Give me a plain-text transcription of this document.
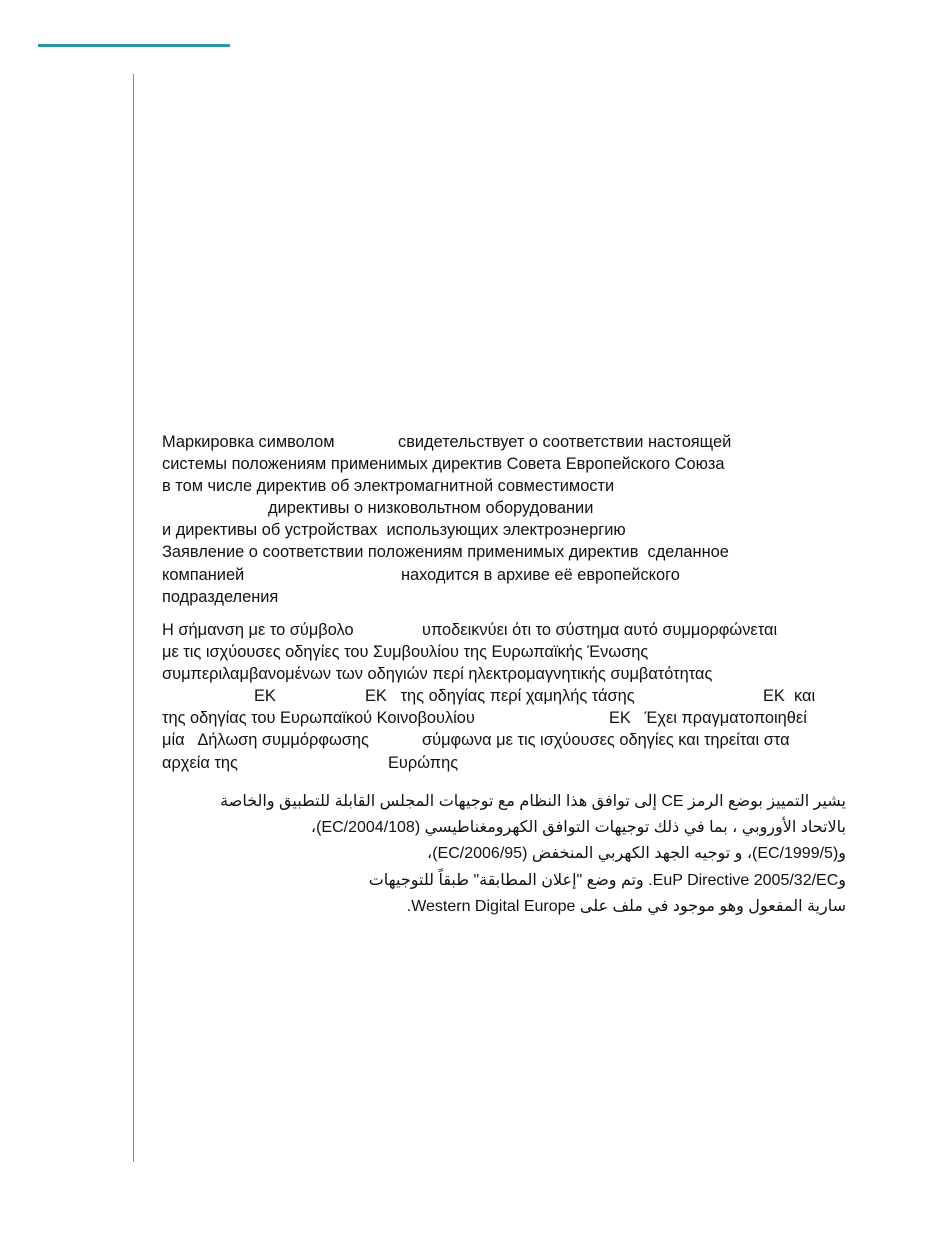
Маркировка символом

	свидетельствует о соответствии настоящей

системы положениям применимых директив Совета Европейского Союза

в том числе директив об электромагнитной совместимости

директивы о низковольтном оборудовании

и директивы об устройствах  использующих электроэнергию

Заявление о соответствии положениям применимых директив  сделанное

компанией

	находится в архиве её европейского

подразделения

Η σήμανση με το σύμβολο

	υποδεικνύει ότι το σύστημα αυτό συμμορφώνεται

με τις ισχύουσες οδηγίες του Συμβουλίου της Ευρωπαϊκής Ένωσης

συμπεριλαμβανομένων των οδηγιών περί ηλεκτρομαγνητικής συμβατότητας

ΕΚ

	ΕΚ   της οδηγίας περί χαμηλής τάσης

	ΕΚ  και

της οδηγίας του Ευρωπαϊκού Κοινοβουλίου

	ΕΚ   Έχει πραγματοποιηθεί

μία   Δήλωση συμμόρφωσης

	σύμφωνα με τις ισχύουσες οδηγίες και τηρείται στα

αρχεία της

	Ευρώπης

يشير التمييز بوضع الرمز CE إلى توافق هذا النظام مع توجيهات المجلس القابلة للتطبيق والخاصة
بالاتحاد الأوروبي ، بما في ذلك توجيهات التوافق الكهرومغناطيسي (2004/108/EC)،
و(1999/5/EC)، و توجيه الجهد الكهربي المنخفض (2006/95/EC)،
وEuP Directive 2005/32/EC. وتم وضع "إعلان المطابقة" طبقاً للتوجيهات
سارية المفعول وهو موجود في ملف على Western Digital Europe.
